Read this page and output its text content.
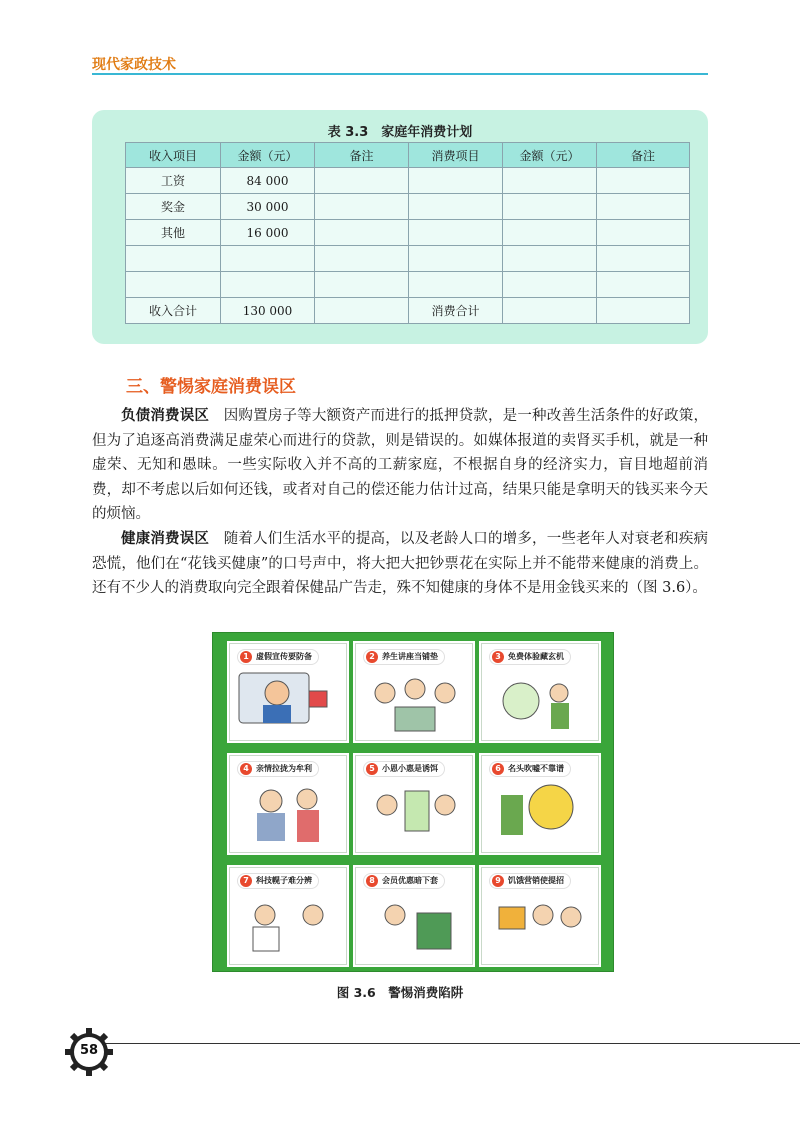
现代家政技术
表 3.3　家庭年消费计划
收入项目	金额（元）	备注	消费项目	金额（元）	备注
工资	84 000				
奖金	30 000				
其他	16 000				

收入合计	130 000		消费合计		
三、警惕家庭消费误区
负债消费误区　因购置房子等大额资产而进行的抵押贷款，是一种改善生活条件的好政策，但为了追逐高消费满足虚荣心而进行的贷款，则是错误的。如媒体报道的卖肾买手机，就是一种虚荣、无知和愚昧。一些实际收入并不高的工薪家庭，不根据自身的经济实力，盲目地超前消费，却不考虑以后如何还钱，或者对自己的偿还能力估计过高，结果只能是拿明天的钱买来今天的烦恼。
健康消费误区　随着人们生活水平的提高，以及老龄人口的增多，一些老年人对衰老和疾病恐慌，他们在“花钱买健康”的口号声中，将大把大把钞票花在实际上并不能带来健康的消费上。还有不少人的消费取向完全跟着保健品广告走，殊不知健康的身体不是用金钱买来的（图 3.6）。
1 虚假宣传要防备	2 养生讲座当铺垫	3 免费体验藏玄机
4 亲情拉拢为牟利	5 小恩小惠是诱饵	6 名头吹嘘不靠谱
7 科技幌子难分辨	8 会员优惠暗下套	9 饥饿营销使提招
图 3.6　警惕消费陷阱
58
